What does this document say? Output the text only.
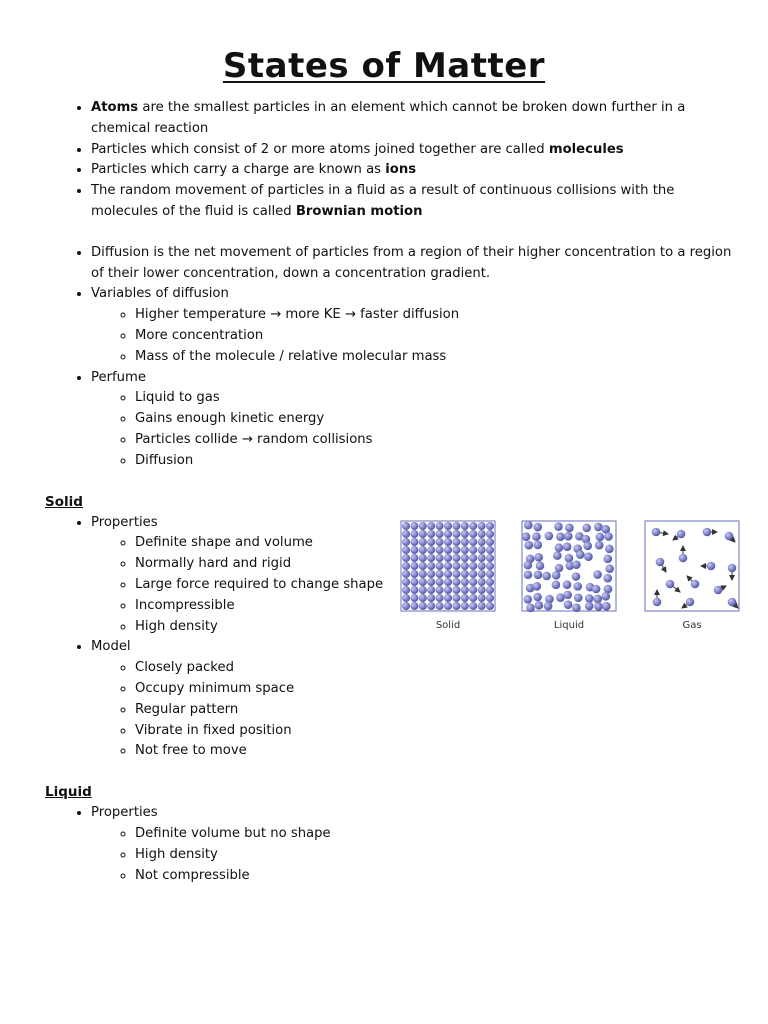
States of Matter
• Atoms are the smallest particles in an element which cannot be broken down further in a chemical reaction
• Particles which consist of 2 or more atoms joined together are called molecules
• Particles which carry a charge are known as ions
• The random movement of particles in a fluid as a result of continuous collisions with the molecules of the fluid is called Brownian motion
• Diffusion is the net movement of particles from a region of their higher concentration to a region of their lower concentration, down a concentration gradient.
• Variables of diffusion
◦ Higher temperature → more KE → faster diffusion
◦ More concentration
◦ Mass of the molecule / relative molecular mass
• Perfume
◦ Liquid to gas
◦ Gains enough kinetic energy
◦ Particles collide → random collisions
◦ Diffusion
Solid
• Properties
◦ Definite shape and volume
◦ Normally hard and rigid
◦ Large force required to change shape
◦ Incompressible
◦ High density
• Model
◦ Closely packed
◦ Occupy minimum space
◦ Regular pattern
◦ Vibrate in fixed position
◦ Not free to move
Liquid
• Properties
◦ Definite volume but no shape
◦ High density
◦ Not compressible
Solid	Liquid	Gas
